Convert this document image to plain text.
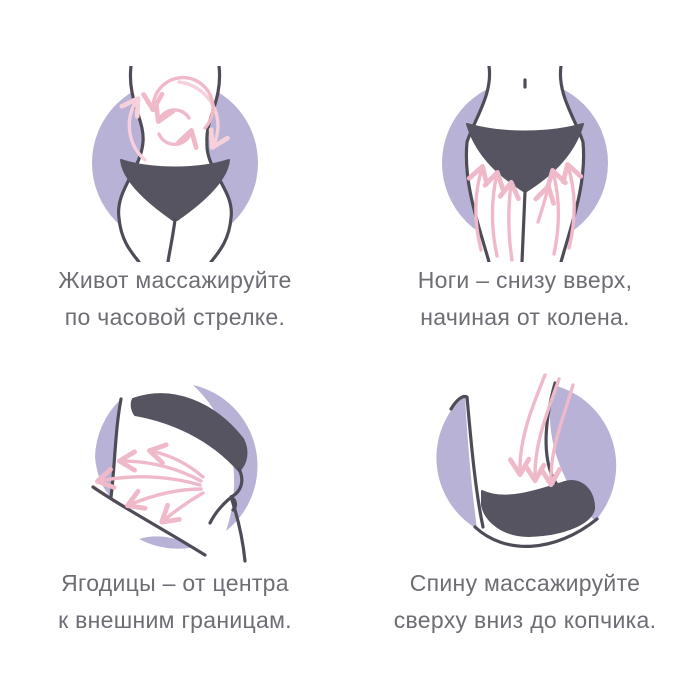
Живот массажируйте
по часовой стрелке.
Ноги – снизу вверх,
начиная от колена.
Ягодицы – от центра
к внешним границам.
Спину массажируйте
сверху вниз до копчика.
